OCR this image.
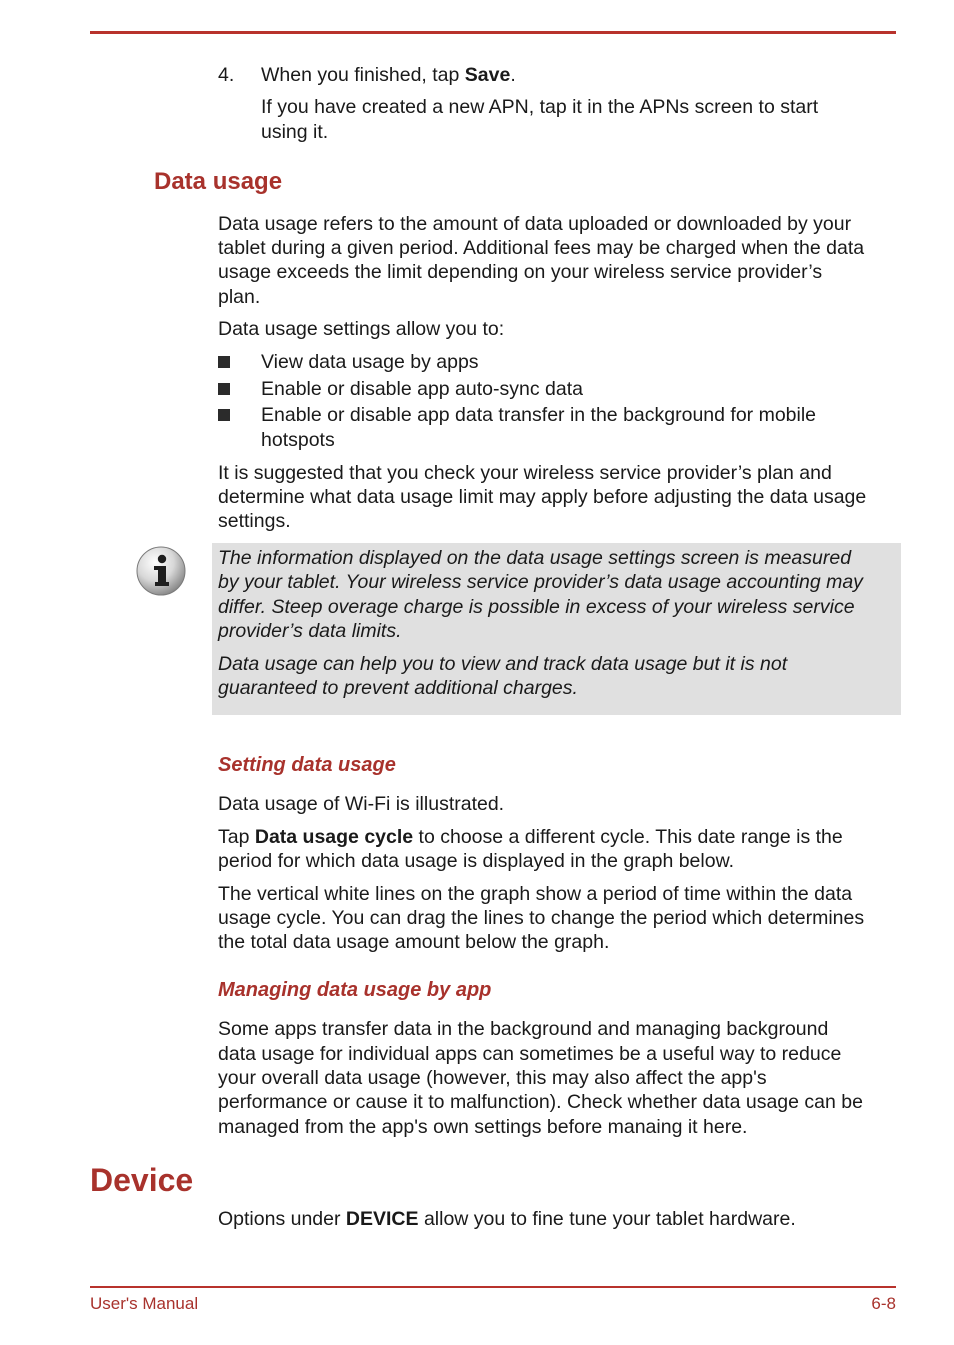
4. When you finished, tap Save.

If you have created a new APN, tap it in the APNs screen to start

using it.

Data usage

Data usage refers to the amount of data uploaded or downloaded by your

tablet during a given period. Additional fees may be charged when the data

usage exceeds the limit depending on your wireless service provider’s

plan.

Data usage settings allow you to:

View data usage by apps

Enable or disable app auto-sync data

Enable or disable app data transfer in the background for mobile

hotspots

It is suggested that you check your wireless service provider’s plan and

determine what data usage limit may apply before adjusting the data usage

settings.

The information displayed on the data usage settings screen is measured

by your tablet. Your wireless service provider’s data usage accounting may

differ. Steep overage charge is possible in excess of your wireless service

provider’s data limits.

Data usage can help you to view and track data usage but it is not

guaranteed to prevent additional charges.

Setting data usage

Data usage of Wi-Fi is illustrated.

Tap Data usage cycle to choose a different cycle. This date range is the

period for which data usage is displayed in the graph below.

The vertical white lines on the graph show a period of time within the data

usage cycle. You can drag the lines to change the period which determines

the total data usage amount below the graph.

Managing data usage by app

Some apps transfer data in the background and managing background

data usage for individual apps can sometimes be a useful way to reduce

your overall data usage (however, this may also affect the app's

performance or cause it to malfunction). Check whether data usage can be

managed from the app's own settings before manaing it here.

Device

Options under DEVICE allow you to fine tune your tablet hardware.

User's Manual	6-8
